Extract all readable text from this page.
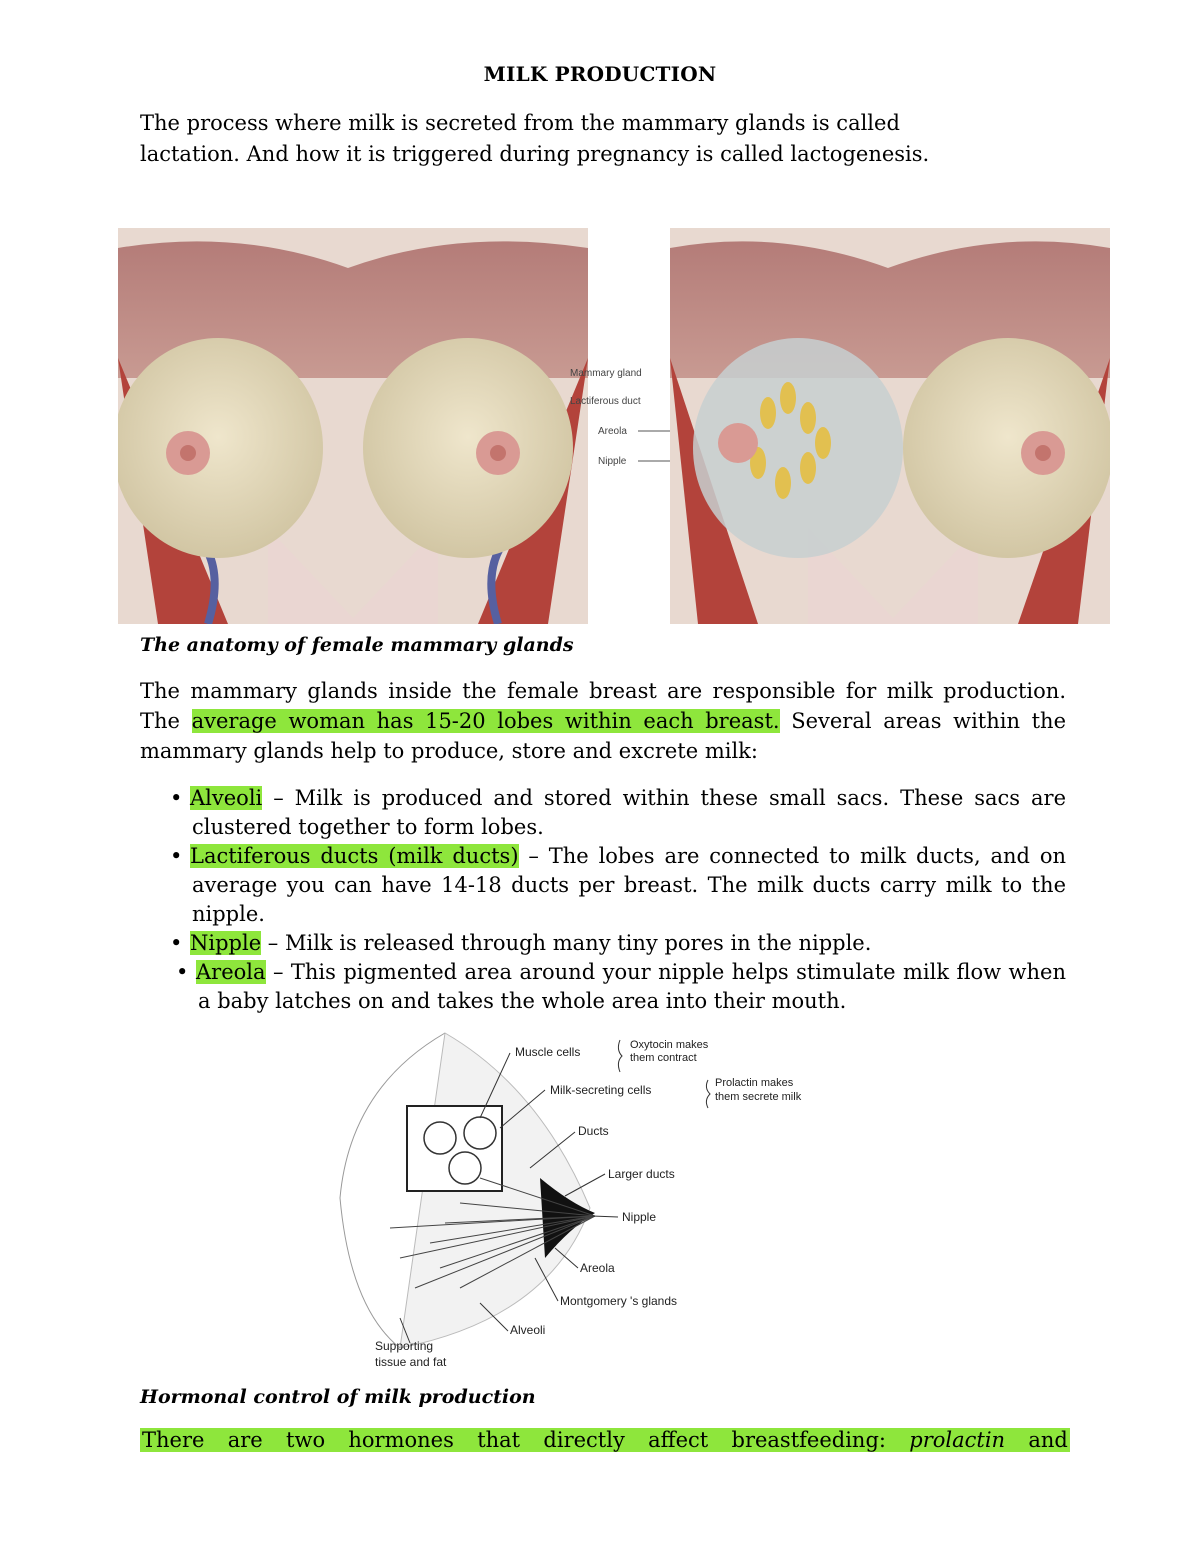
MILK PRODUCTION
The process where milk is secreted from the mammary glands is called
lactation. And how it is triggered during pregnancy is called lactogenesis.
Mammary gland
Lactiferous duct
Areola
Nipple
The anatomy of female mammary glands
The mammary glands inside the female breast are responsible for milk production. The average woman has 15-20 lobes within each breast. Several areas within the mammary glands help to produce, store and excrete milk:
• Alveoli – Milk is produced and stored within these small sacs. These sacs are clustered together to form lobes.
• Lactiferous ducts (milk ducts) – The lobes are connected to milk ducts, and on average you can have 14-18 ducts per breast. The milk ducts carry milk to the nipple.
• Nipple – Milk is released through many tiny pores in the nipple.
• Areola – This pigmented area around your nipple helps stimulate milk flow when a baby latches on and takes the whole area into their mouth.
Muscle cells	Oxytocin makes
them contract
Milk-secreting cells	Prolactin makes
them secrete milk
Ducts
Larger ducts
Nipple
Areola
Montgomery 's glands
Alveoli
Supporting
tissue and fat
Hormonal control of milk production
There are two hormones that directly affect breastfeeding: prolactin and
